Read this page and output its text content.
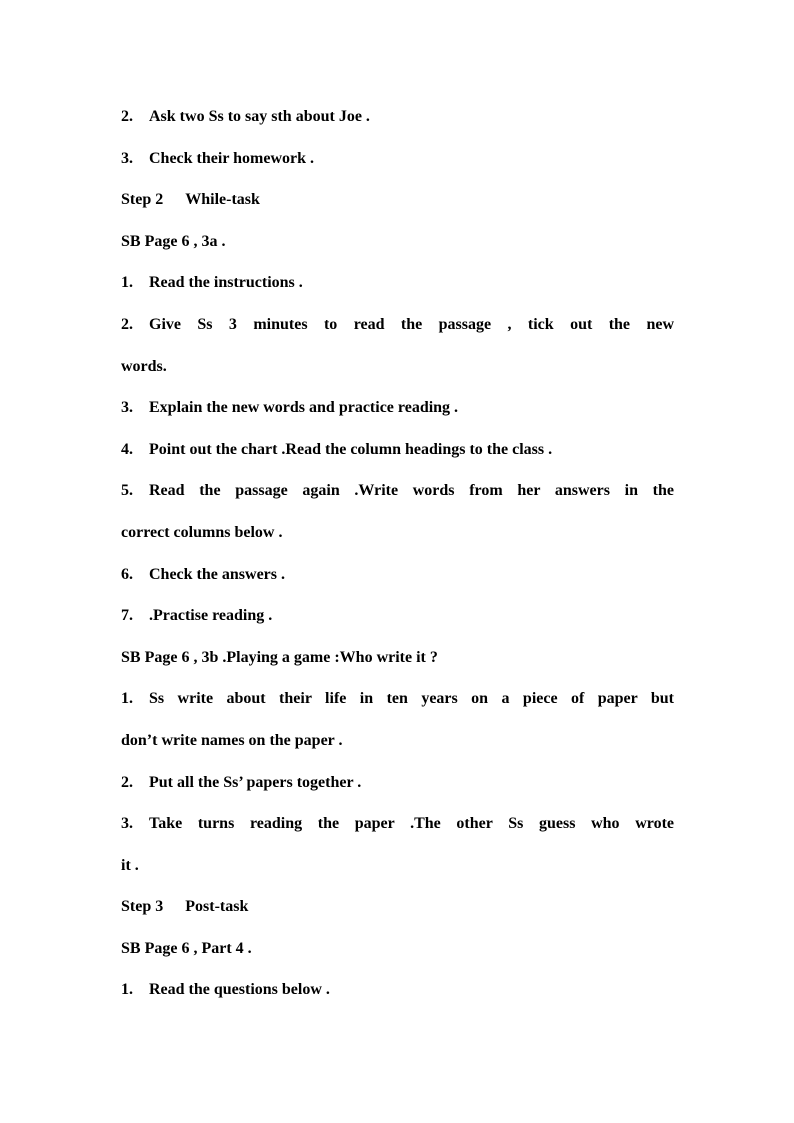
2. Ask two Ss to say sth about Joe .
3. Check their homework .
Step 2 While-task
SB Page 6 , 3a .
1. Read the instructions .
2. Give Ss 3 minutes to read the passage , tick out the new
words.
3. Explain the new words and practice reading .
4. Point out the chart .Read the column headings to the class .
5. Read the passage again .Write words from her answers in the
correct columns below .
6. Check the answers .
7. .Practise reading .
SB Page 6 , 3b .Playing a game :Who write it ?
1. Ss write about their life in ten years on a piece of paper but
don’t write names on the paper .
2. Put all the Ss’ papers together .
3. Take turns reading the paper .The other Ss guess who wrote
it .
Step 3 Post-task
SB Page 6 , Part 4 .
1. Read the questions below .
